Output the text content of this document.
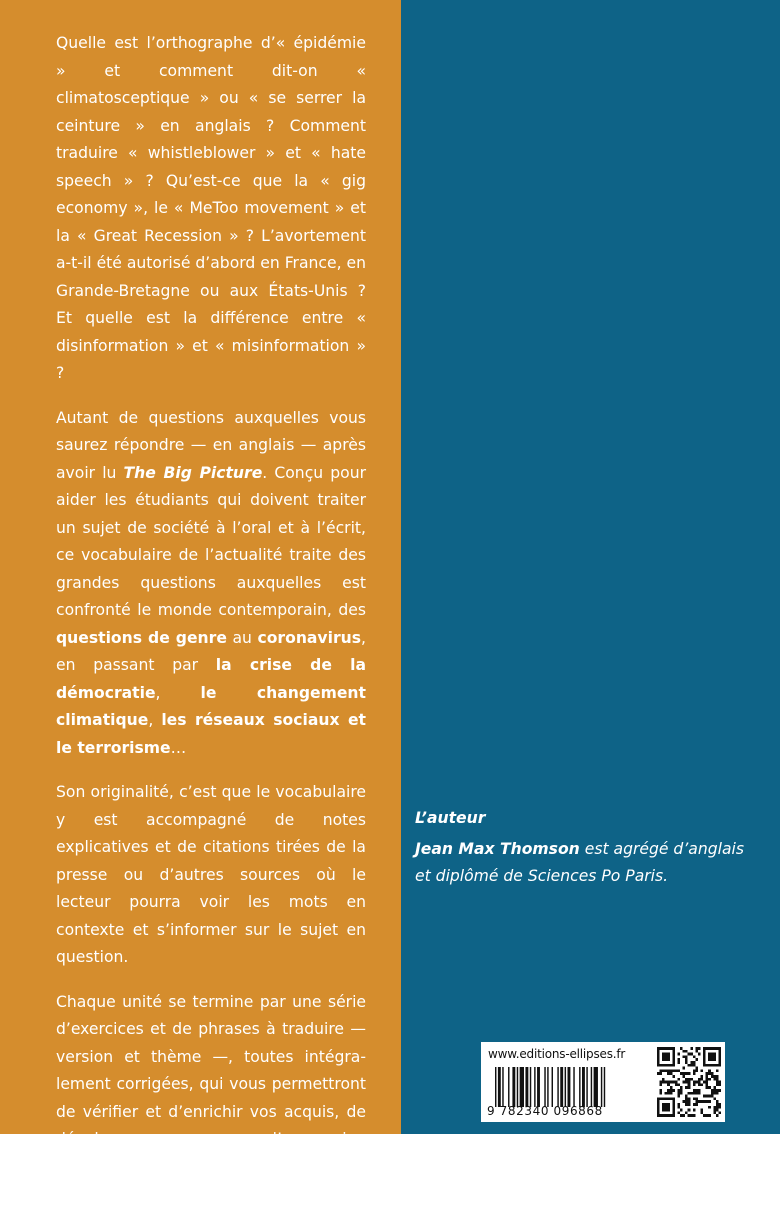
Quelle est l’orthographe d’« épidémie » et comment dit-on « climatosceptique » ou « se serrer la ceinture » en anglais ? Comment traduire « whistleblower » et « hate speech » ? Qu’est-ce que la « gig economy », le « MeToo movement » et la « Great Recession » ? L’avortement a-t-il été autorisé d’abord en France, en Grande-Bretagne ou aux États-Unis ? Et quelle est la différence entre « disinformation » et « misinformation » ?

Autant de questions auxquelles vous saurez répondre — en anglais — après avoir lu The Big Picture. Conçu pour aider les étudiants qui doivent traiter un sujet de société à l’oral et à l’écrit, ce vocabulaire de l’actualité traite des grandes questions auxquelles est confronté le monde contemporain, des questions de genre au coronavirus, en passant par la crise de la démocratie, le changement climatique, les réseaux sociaux et le terrorisme…

Son originalité, c’est que le vocabulaire y est accompagné de notes explicatives et de citations tirées de la presse ou d’autres sources où le lecteur pourra voir les mots en contexte et s’informer sur le sujet en question.

Chaque unité se termine par une série d’exercices et de phrases à traduire — version et thème —, toutes intégralement corrigées, qui vous permettront de vérifier et d’enrichir vos acquis, de développer vos moyens d’expression en anglais, et bien sûr de vous entraîner aux épreuves de traduction.

L’auteur
Jean Max Thomson est agrégé d’anglais et diplômé de Sciences Po Paris.
www.editions-ellipses.fr
9 782340 096868
